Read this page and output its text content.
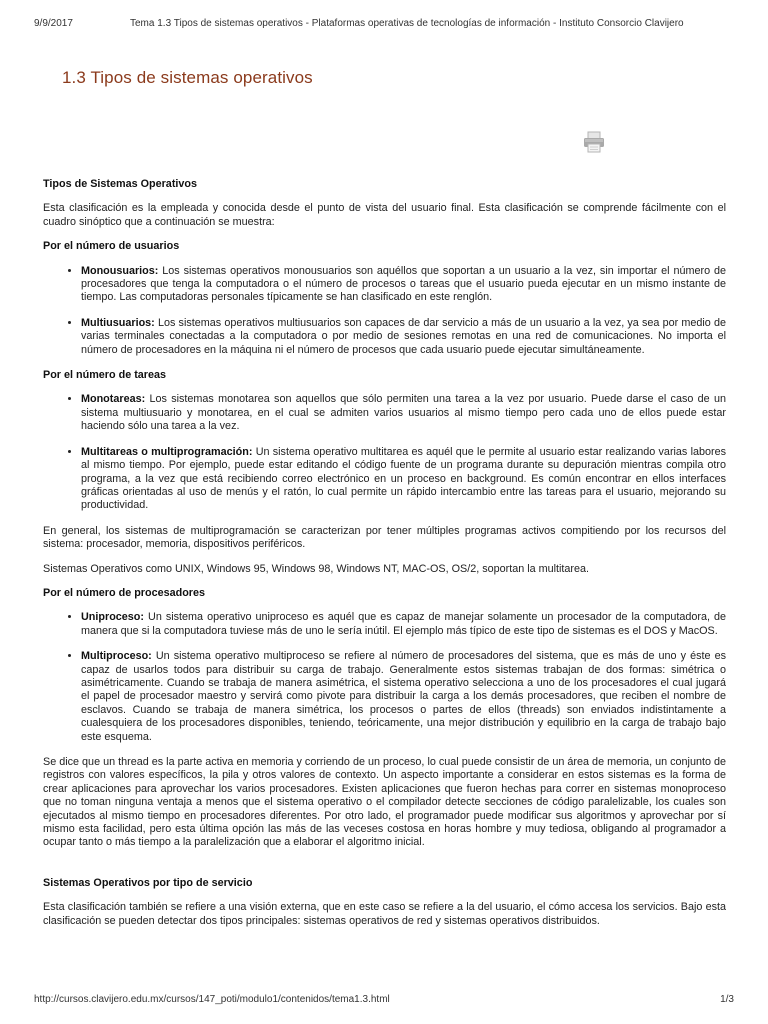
9/9/2017	Tema 1.3 Tipos de sistemas operativos - Plataformas operativas de tecnologías de información - Instituto Consorcio Clavijero
1.3 Tipos de sistemas operativos
Tipos de Sistemas Operativos

Esta clasificación es la empleada y conocida desde el punto de vista del usuario final. Esta clasificación se comprende fácilmente con el cuadro sinóptico que a continuación se muestra:

Por el número de usuarios
• Monousuarios: Los sistemas operativos monousuarios son aquéllos que soportan a un usuario a la vez, sin importar el número de procesadores que tenga la computadora o el número de procesos o tareas que el usuario pueda ejecutar en un mismo instante de tiempo. Las computadoras personales típicamente se han clasificado en este renglón.
• Multiusuarios: Los sistemas operativos multiusuarios son capaces de dar servicio a más de un usuario a la vez, ya sea por medio de varias terminales conectadas a la computadora o por medio de sesiones remotas en una red de comunicaciones. No importa el número de procesadores en la máquina ni el número de procesos que cada usuario puede ejecutar simultáneamente.
Por el número de tareas
• Monotareas: Los sistemas monotarea son aquellos que sólo permiten una tarea a la vez por usuario. Puede darse el caso de un sistema multiusuario y monotarea, en el cual se admiten varios usuarios al mismo tiempo pero cada uno de ellos puede estar haciendo sólo una tarea a la vez.
• Multitareas o multiprogramación: Un sistema operativo multitarea es aquél que le permite al usuario estar realizando varias labores al mismo tiempo. Por ejemplo, puede estar editando el código fuente de un programa durante su depuración mientras compila otro programa, a la vez que está recibiendo correo electrónico en un proceso en background. Es común encontrar en ellos interfaces gráficas orientadas al uso de menús y el ratón, lo cual permite un rápido intercambio entre las tareas para el usuario, mejorando su productividad.

En general, los sistemas de multiprogramación se caracterizan por tener múltiples programas activos compitiendo por los recursos del sistema: procesador, memoria, dispositivos periféricos.

Sistemas Operativos como UNIX, Windows 95, Windows 98, Windows NT, MAC-OS, OS/2, soportan la multitarea.

Por el número de procesadores
• Uniproceso: Un sistema operativo uniproceso es aquél que es capaz de manejar solamente un procesador de la computadora, de manera que si la computadora tuviese más de uno le sería inútil. El ejemplo más típico de este tipo de sistemas es el DOS y MacOS.
• Multiproceso: Un sistema operativo multiproceso se refiere al número de procesadores del sistema, que es más de uno y éste es capaz de usarlos todos para distribuir su carga de trabajo. Generalmente estos sistemas trabajan de dos formas: simétrica o asimétricamente. Cuando se trabaja de manera asimétrica, el sistema operativo selecciona a uno de los procesadores el cual jugará el papel de procesador maestro y servirá como pivote para distribuir la carga a los demás procesadores, que reciben el nombre de esclavos. Cuando se trabaja de manera simétrica, los procesos o partes de ellos (threads) son enviados indistintamente a cualesquiera de los procesadores disponibles, teniendo, teóricamente, una mejor distribución y equilibrio en la carga de trabajo bajo este esquema.

Se dice que un thread es la parte activa en memoria y corriendo de un proceso, lo cual puede consistir de un área de memoria, un conjunto de registros con valores específicos, la pila y otros valores de contexto. Un aspecto importante a considerar en estos sistemas es la forma de crear aplicaciones para aprovechar los varios procesadores. Existen aplicaciones que fueron hechas para correr en sistemas monoproceso que no toman ninguna ventaja a menos que el sistema operativo o el compilador detecte secciones de código paralelizable, los cuales son ejecutados al mismo tiempo en procesadores diferentes. Por otro lado, el programador puede modificar sus algoritmos y aprovechar por sí mismo esta facilidad, pero esta última opción las más de las veceses costosa en horas hombre y muy tediosa, obligando al programador a ocupar tanto o más tiempo a la paralelización que a elaborar el algoritmo inicial.

Sistemas Operativos por tipo de servicio

Esta clasificación también se refiere a una visión externa, que en este caso se refiere a la del usuario, el cómo accesa los servicios. Bajo esta clasificación se pueden detectar dos tipos principales: sistemas operativos de red y sistemas operativos distribuidos.

http://cursos.clavijero.edu.mx/cursos/147_poti/modulo1/contenidos/tema1.3.html	1/3
